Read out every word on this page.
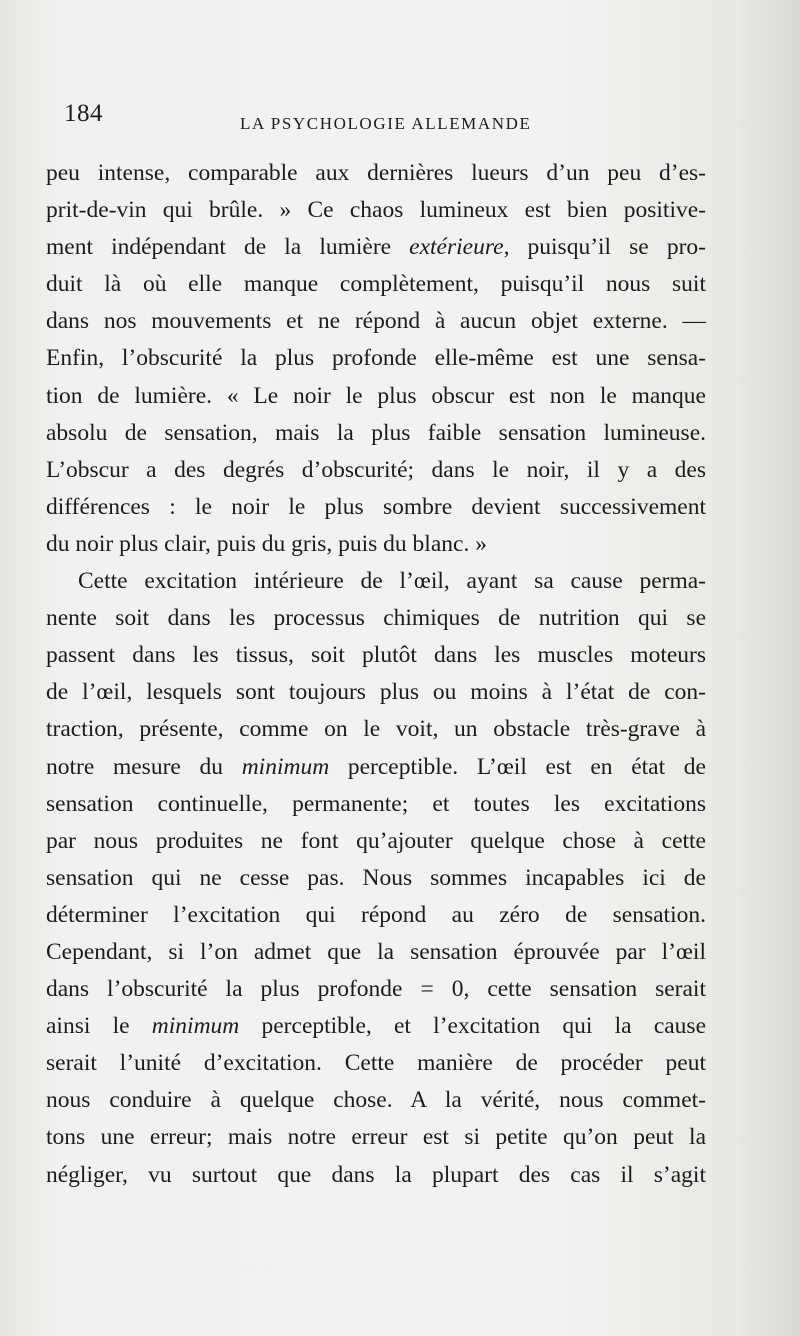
184	LA PSYCHOLOGIE ALLEMANDE
peu intense, comparable aux dernières lueurs d’un peu d’es-
prit-de-vin qui brûle. » Ce chaos lumineux est bien positive-
ment indépendant de la lumière extérieure, puisqu’il se pro-
duit là où elle manque complètement, puisqu’il nous suit
dans nos mouvements et ne répond à aucun objet externe. —
Enfin, l’obscurité la plus profonde elle-même est une sensa-
tion de lumière. « Le noir le plus obscur est non le manque
absolu de sensation, mais la plus faible sensation lumineuse.
L’obscur a des degrés d’obscurité; dans le noir, il y a des
différences : le noir le plus sombre devient successivement
du noir plus clair, puis du gris, puis du blanc. »
Cette excitation intérieure de l’œil, ayant sa cause perma-
nente soit dans les processus chimiques de nutrition qui se
passent dans les tissus, soit plutôt dans les muscles moteurs
de l’œil, lesquels sont toujours plus ou moins à l’état de con-
traction, présente, comme on le voit, un obstacle très-grave à
notre mesure du minimum perceptible. L’œil est en état de
sensation continuelle, permanente; et toutes les excitations
par nous produites ne font qu’ajouter quelque chose à cette
sensation qui ne cesse pas. Nous sommes incapables ici de
déterminer l’excitation qui répond au zéro de sensation.
Cependant, si l’on admet que la sensation éprouvée par l’œil
dans l’obscurité la plus profonde = 0, cette sensation serait
ainsi le minimum perceptible, et l’excitation qui la cause
serait l’unité d’excitation. Cette manière de procéder peut
nous conduire à quelque chose. A la vérité, nous commet-
tons une erreur; mais notre erreur est si petite qu’on peut la
négliger, vu surtout que dans la plupart des cas il s’agit
